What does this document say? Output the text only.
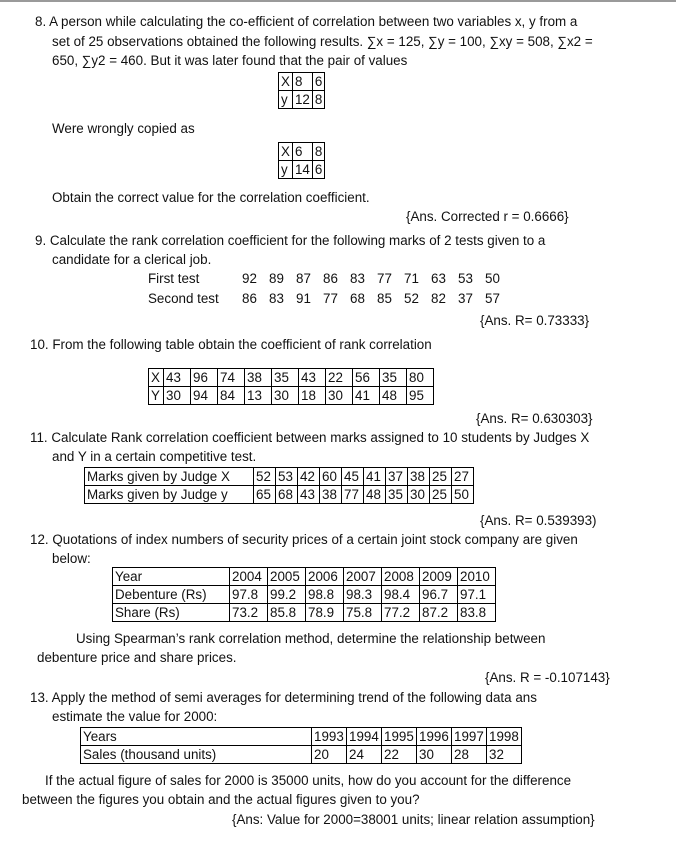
8. A person while calculating the co-efficient of correlation between two variables x, y from a
set of 25 observations obtained the following results. ∑x = 125, ∑y = 100, ∑xy = 508, ∑x2 =
650, ∑y2 = 460. But it was later found that the pair of values
X	8	6
y	12	8
Were wrongly copied as
X	6	8
y	14	6
Obtain the correct value for the correlation coefficient.
{Ans. Corrected r = 0.6666}
9. Calculate the rank correlation coefficient for the following marks of 2 tests given to a
candidate for a clerical job.
First test	92 89 87 86 83 77 71 63 53 50
Second test 86 83 91 77 68 85 52 82 37 57
{Ans. R= 0.73333}
10. From the following table obtain the coefficient of rank correlation
X	43	96	74	38	35	43	22	56	35	80
Y	30	94	84	13	30	18	30	41	48	95
{Ans. R= 0.630303}
11. Calculate Rank correlation coefficient between marks assigned to 10 students by Judges X
and Y in a certain competitive test.
Marks given by Judge X	52	53	42	60	45	41	37	38	25	27
Marks given by Judge y	65	68	43	38	77	48	35	30	25	50
{Ans. R= 0.539393)
12. Quotations of index numbers of security prices of a certain joint stock company are given
below:
Year	2004	2005	2006	2007	2008	2009	2010
Debenture (Rs)	97.8	99.2	98.8	98.3	98.4	96.7	97.1
Share (Rs)	73.2	85.8	78.9	75.8	77.2	87.2	83.8
Using Spearman’s rank correlation method, determine the relationship between
debenture price and share prices.
{Ans. R = -0.107143}
13. Apply the method of semi averages for determining trend of the following data ans
estimate the value for 2000:
Years	1993	1994	1995	1996	1997	1998
Sales (thousand units)	20	24	22	30	28	32
If the actual figure of sales for 2000 is 35000 units, how do you account for the difference
between the figures you obtain and the actual figures given to you?
{Ans: Value for 2000=38001 units; linear relation assumption}
